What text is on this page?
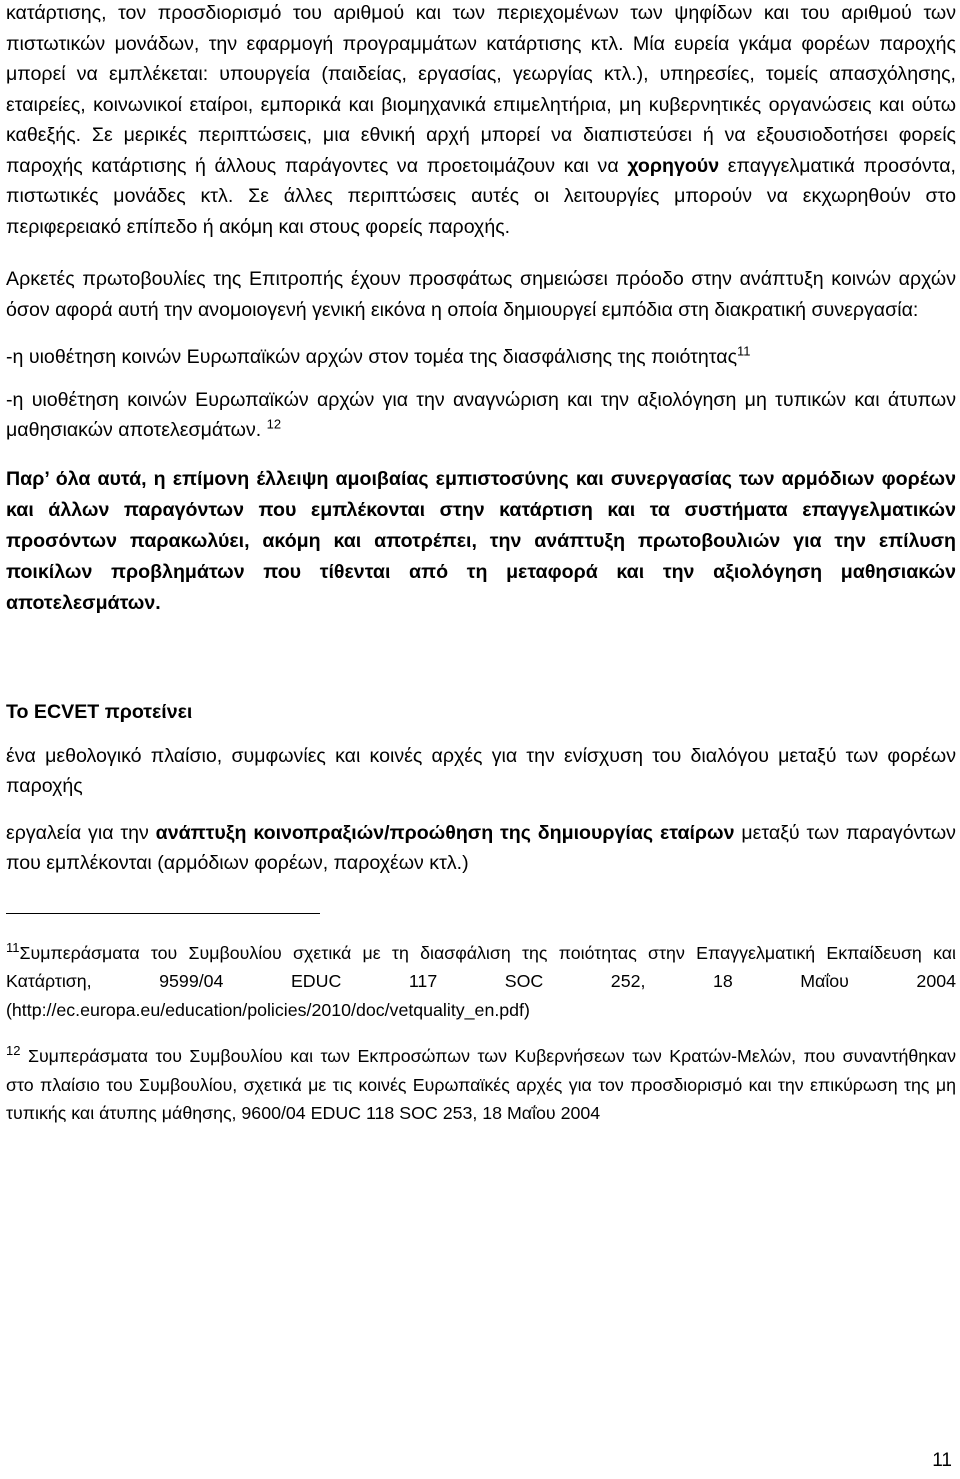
κατάρτισης, τον προσδιορισμό του αριθμού και των περιεχομένων των ψηφίδων και του αριθμού των πιστωτικών μονάδων, την εφαρμογή προγραμμάτων κατάρτισης κτλ. Μία ευρεία γκάμα φορέων παροχής μπορεί να εμπλέκεται: υπουργεία (παιδείας, εργασίας, γεωργίας κτλ.), υπηρεσίες, τομείς απασχόλησης, εταιρείες, κοινωνικοί εταίροι, εμπορικά και βιομηχανικά επιμελητήρια, μη κυβερνητικές οργανώσεις και ούτω καθεξής. Σε μερικές περιπτώσεις, μια εθνική αρχή μπορεί να διαπιστεύσει ή να εξουσιοδοτήσει φορείς παροχής κατάρτισης ή άλλους παράγοντες να προετοιμάζουν και να χορηγούν επαγγελματικά προσόντα, πιστωτικές μονάδες κτλ. Σε άλλες περιπτώσεις αυτές οι λειτουργίες μπορούν να εκχωρηθούν στο περιφερειακό επίπεδο ή ακόμη και στους φορείς παροχής.

Αρκετές πρωτοβουλίες της Επιτροπής έχουν προσφάτως σημειώσει πρόοδο στην ανάπτυξη κοινών αρχών όσον αφορά αυτή την ανομοιογενή γενική εικόνα η οποία δημιουργεί εμπόδια στη διακρατική συνεργασία:

-η υιοθέτηση κοινών Ευρωπαϊκών αρχών στον τομέα της διασφάλισης της ποιότητας$^{11}$

-η υιοθέτηση κοινών Ευρωπαϊκών αρχών για την αναγνώριση και την αξιολόγηση μη τυπικών και άτυπων μαθησιακών αποτελεσμάτων. $^{12}$

Παρ’ όλα αυτά, η επίμονη έλλειψη αμοιβαίας εμπιστοσύνης και συνεργασίας των αρμόδιων φορέων και άλλων παραγόντων που εμπλέκονται στην κατάρτιση και τα συστήματα επαγγελματικών προσόντων παρακωλύει, ακόμη και αποτρέπει, την ανάπτυξη πρωτοβουλιών για την επίλυση ποικίλων προβλημάτων που τίθενται από τη μεταφορά και την αξιολόγηση μαθησιακών αποτελεσμάτων.

Το ECVET προτείνει

ένα μεθολογικό πλαίσιο, συμφωνίες και κοινές αρχές για την ενίσχυση του διαλόγου μεταξύ των φορέων παροχής

εργαλεία για την ανάπτυξη κοινοπραξιών/προώθηση της δημιουργίας εταίρων μεταξύ των παραγόντων που εμπλέκονται (αρμόδιων φορέων, παροχέων κτλ.)

$^{11}$Συμπεράσματα του Συμβουλίου σχετικά με τη διασφάλιση της ποιότητας στην Επαγγελματική Εκπαίδευση και Κατάρτιση, 9599/04 EDUC 117 SOC 252, 18 Μαΐου 2004 (http://ec.europa.eu/education/policies/2010/doc/vetquality_en.pdf)

$^{12}$ Συμπεράσματα του Συμβουλίου και των Εκπροσώπων των Κυβερνήσεων των Κρατών-Μελών, που συναντήθηκαν στο πλαίσιο του Συμβουλίου, σχετικά με τις κοινές Ευρωπαϊκές αρχές για τον προσδιορισμό και την επικύρωση της μη τυπικής και άτυπης μάθησης, 9600/04 EDUC 118 SOC 253, 18 Μαΐου 2004

11
